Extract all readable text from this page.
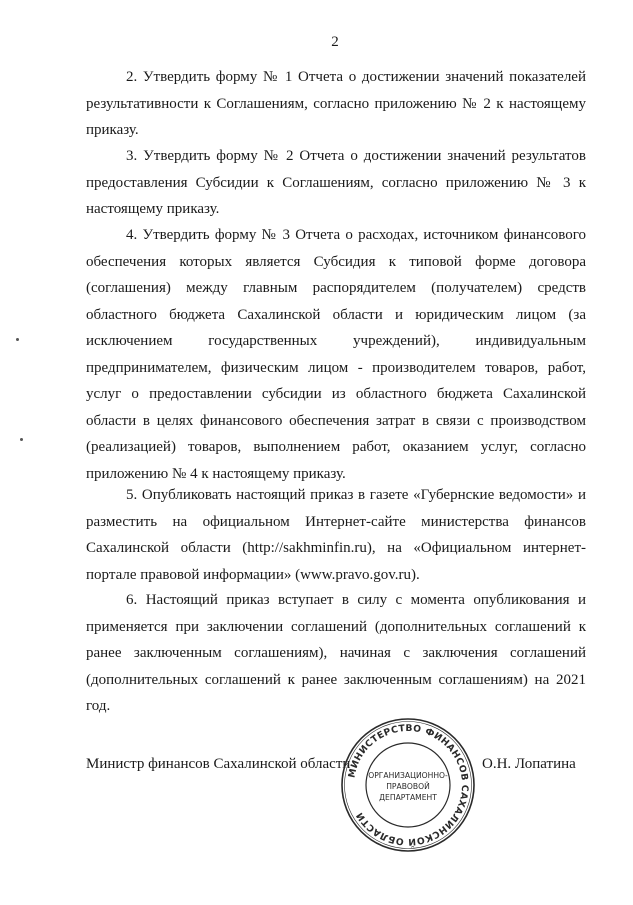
2

2. Утвердить форму № 1 Отчета о достижении значений показателей результативности к Соглашениям, согласно приложению № 2 к настоящему приказу.

3. Утвердить форму № 2 Отчета о достижении значений результатов предоставления Субсидии к Соглашениям, согласно приложению № 3 к настоящему приказу.

4. Утвердить форму № 3 Отчета о расходах, источником финансового обеспечения которых является Субсидия к типовой форме договора (соглашения) между главным распорядителем (получателем) средств областного бюджета Сахалинской области и юридическим лицом (за исключением государственных учреждений), индивидуальным предпринимателем, физическим лицом - производителем товаров, работ, услуг о предоставлении субсидии из областного бюджета Сахалинской области в целях финансового обеспечения затрат в связи с производством (реализацией) товаров, выполнением работ, оказанием услуг, согласно приложению № 4 к настоящему приказу.

5. Опубликовать настоящий приказ в газете «Губернские ведомости» и разместить на официальном Интернет-сайте министерства финансов Сахалинской области (http://sakhminfin.ru), на «Официальном интернет-портале правовой информации» (www.pravo.gov.ru).

6. Настоящий приказ вступает в силу с момента опубликования и применяется при заключении соглашений (дополнительных соглашений к ранее заключенным соглашениям), начиная с заключения соглашений (дополнительных соглашений к ранее заключенным соглашениям) на 2021 год.

Министр финансов Сахалинской области	О.Н. Лопатина
МИНИСТЕРСТВО ФИНАНСОВ САХАЛИНСКОЙ ОБЛАСТИ
ОРГАНИЗАЦИОННО-
ПРАВОВОЙ
ДЕПАРТАМЕНТ
